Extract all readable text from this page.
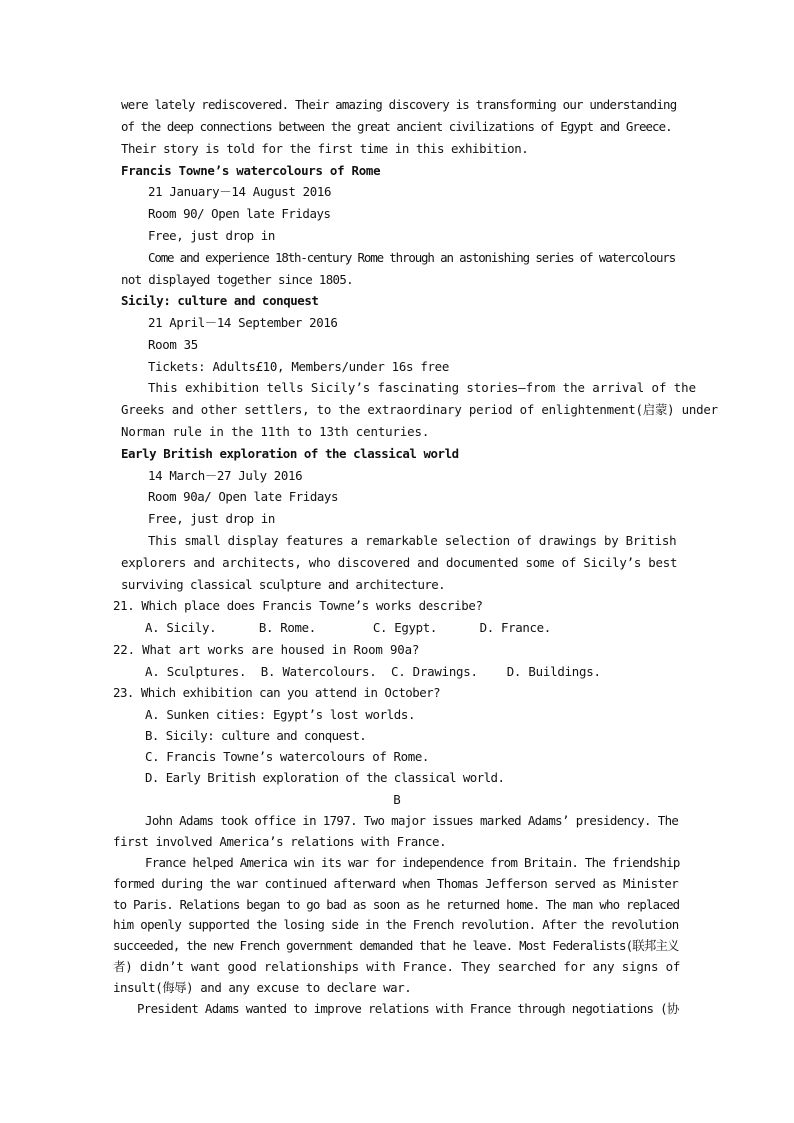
were lately rediscovered. Their amazing discovery is transforming our understanding
of the deep connections between the great ancient civilizations of Egypt and Greece.
Their story is told for the first time in this exhibition.
Francis Towne’s watercolours of Rome
21 January－14 August 2016
Room 90/ Open late Fridays
Free, just drop in
Come and experience 18th-century Rome through an astonishing series of watercolours
not displayed together since 1805.
Sicily: culture and conquest
21 April－14 September 2016
Room 35
Tickets: Adults£10, Members/under 16s free
This exhibition tells Sicily’s fascinating stories—from the arrival of the
Greeks and other settlers, to the extraordinary period of enlightenment(启蒙) under
Norman rule in the 11th to 13th centuries.
Early British exploration of the classical world
14 March－27 July 2016
Room 90a/ Open late Fridays
Free, just drop in
This small display features a remarkable selection of drawings by British
explorers and architects, who discovered and documented some of Sicily’s best
surviving classical sculpture and architecture.
21. Which place does Francis Towne’s works describe?
A. Sicily.      B. Rome.        C. Egypt.      D. France.
22. What art works are housed in Room 90a?
A. Sculptures.  B. Watercolours.  C. Drawings.    D. Buildings.
23. Which exhibition can you attend in October?
A. Sunken cities: Egypt’s lost worlds.
B. Sicily: culture and conquest.
C. Francis Towne’s watercolours of Rome.
D. Early British exploration of the classical world.
B
John Adams took office in 1797. Two major issues marked Adams’ presidency. The
first involved America’s relations with France.
France helped America win its war for independence from Britain. The friendship
formed during the war continued afterward when Thomas Jefferson served as Minister
to Paris. Relations began to go bad as soon as he returned home. The man who replaced
him openly supported the losing side in the French revolution. After the revolution
succeeded, the new French government demanded that he leave. Most Federalists(联邦主义
者) didn’t want good relationships with France. They searched for any signs of
insult(侮辱) and any excuse to declare war.
President Adams wanted to improve relations with France through negotiations (协
